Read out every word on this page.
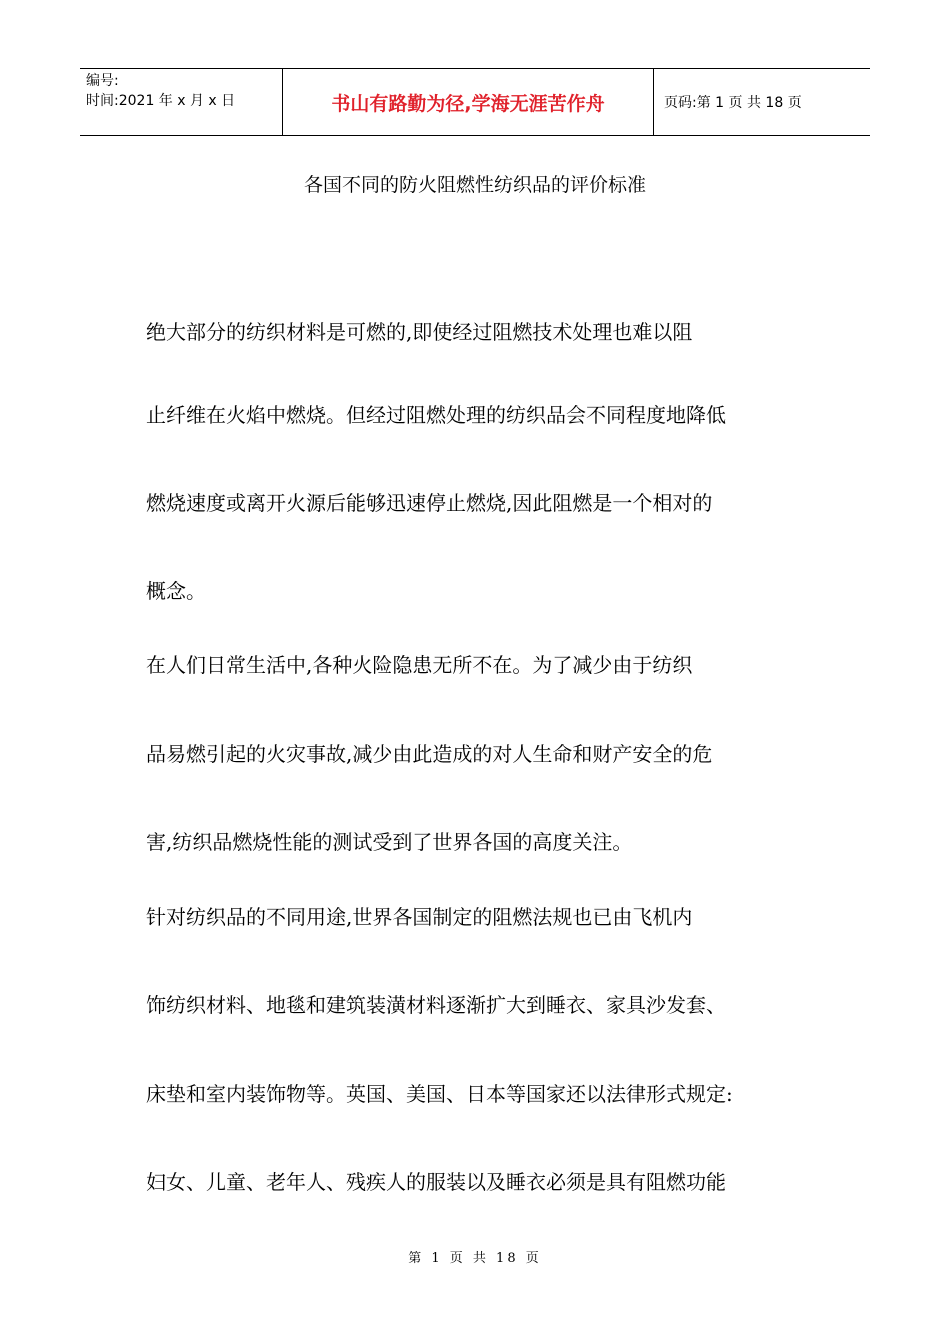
编号:
时间:2021 年 x 月 x 日	书山有路勤为径,学海无涯苦作舟	页码:第 1 页 共 18 页
各国不同的防火阻燃性纺织品的评价标准
绝大部分的纺织材料是可燃的,即使经过阻燃技术处理也难以阻
止纤维在火焰中燃烧。但经过阻燃处理的纺织品会不同程度地降低
燃烧速度或离开火源后能够迅速停止燃烧,因此阻燃是一个相对的
概念。
在人们日常生活中,各种火险隐患无所不在。为了减少由于纺织
品易燃引起的火灾事故,减少由此造成的对人生命和财产安全的危
害,纺织品燃烧性能的测试受到了世界各国的高度关注。
针对纺织品的不同用途,世界各国制定的阻燃法规也已由飞机内
饰纺织材料、地毯和建筑装潢材料逐渐扩大到睡衣、家具沙发套、
床垫和室内装饰物等。英国、美国、日本等国家还以法律形式规定:
妇女、儿童、老年人、残疾人的服装以及睡衣必须是具有阻燃功能
第 1 页 共 18 页
